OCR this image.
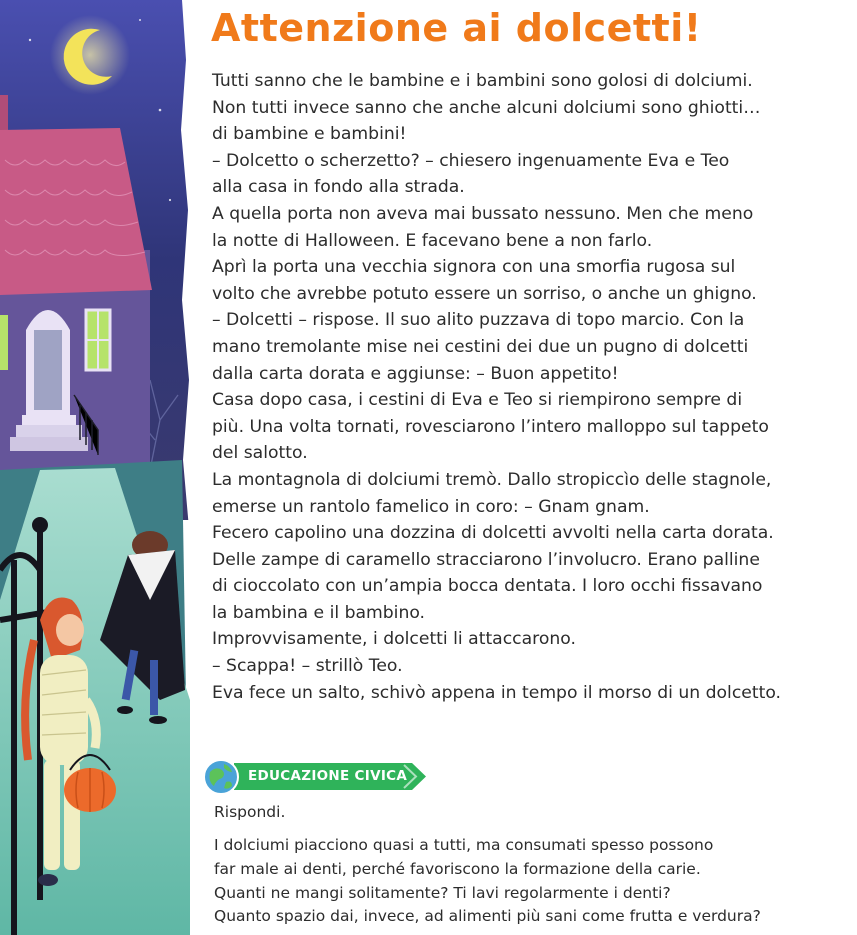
Attenzione ai dolcetti!
Tutti sanno che le bambine e i bambini sono golosi di dolciumi.
Non tutti invece sanno che anche alcuni dolciumi sono ghiotti…
di bambine e bambini!
– Dolcetto o scherzetto? – chiesero ingenuamente Eva e Teo
alla casa in fondo alla strada.
A quella porta non aveva mai bussato nessuno. Men che meno
la notte di Halloween. E facevano bene a non farlo.
Aprì la porta una vecchia signora con una smorfia rugosa sul
volto che avrebbe potuto essere un sorriso, o anche un ghigno.
– Dolcetti – rispose. Il suo alito puzzava di topo marcio. Con la
mano tremolante mise nei cestini dei due un pugno di dolcetti
dalla carta dorata e aggiunse: – Buon appetito!
Casa dopo casa, i cestini di Eva e Teo si riempirono sempre di
più. Una volta tornati, rovesciarono l’intero malloppo sul tappeto
del salotto.
La montagnola di dolciumi tremò. Dallo stropiccìo delle stagnole,
emerse un rantolo famelico in coro: – Gnam gnam.
Fecero capolino una dozzina di dolcetti avvolti nella carta dorata.
Delle zampe di caramello stracciarono l’involucro. Erano palline
di cioccolato con un’ampia bocca dentata. I loro occhi fissavano
la bambina e il bambino.
Improvvisamente, i dolcetti li attaccarono.
– Scappa! – strillò Teo.
Eva fece un salto, schivò appena in tempo il morso di un dolcetto.
EDUCAZIONE CIVICA
Rispondi.
I dolciumi piacciono quasi a tutti, ma consumati spesso possono
far male ai denti, perché favoriscono la formazione della carie.
Quanti ne mangi solitamente? Ti lavi regolarmente i denti?
Quanto spazio dai, invece, ad alimenti più sani come frutta e verdura?
